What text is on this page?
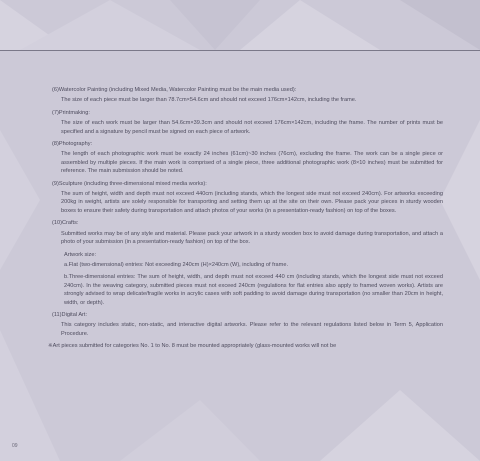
(6)Watercolor Painting (including Mixed Media, Watercolor Painting must be the main media used):

The size of each piece must be larger than 78.7cm×54.6cm and should not exceed 176cm×142cm, including the frame.

(7)Printmaking:

The size of each work must be larger than 54.6cm×39.3cm and should not exceed 176cm×142cm, including the frame. The number of prints must be specified and a signature by pencil must be signed on each piece of artwork.

(8)Photography:

The length of each photographic work must be exactly 24 inches (61cm)~30 inches (76cm), excluding the frame. The work can be a single piece or assembled by multiple pieces. If the main work is comprised of a single piece, three additional photographic work (8×10 inches) must be submitted for reference. The main submission should be noted.

(9)Sculpture (including three-dimensional mixed media works):

The sum of height, width and depth must not exceed 440cm (including stands, which the longest side must not exceed 240cm). For artworks exceeding 200kg in weight, artists are solely responsible for transporting and setting them up at the site on their own. Please pack your pieces in sturdy wooden boxes to ensure their safety during transportation and attach photos of your works (in a presentation-ready fashion) on top of the boxes.

(10)Crafts:

Submitted works may be of any style and material. Please pack your artwork in a sturdy wooden box to avoid damage during transportation, and attach a photo of your submission (in a presentation-ready fashion) on top of the box.

Artwork size:

a.Flat (two-dimensional) entries: Not exceeding 240cm (H)×240cm (W), including of frame.

b.Three-dimensional entries: The sum of height, width, and depth must not exceed 440 cm (including stands, which the longest side must not exceed 240cm). In the weaving category, submitted pieces must not exceed 240cm (regulations for flat entries also apply to framed woven works). Artists are strongly advised to wrap delicate/fragile works in acrylic cases with soft padding to avoid damage during transportation (no smaller than 20cm in height, width, or depth).

(11)Digital Art:

This category includes static, non-static, and interactive digital artworks. Please refer to the relevant regulations listed below in Term 5, Application Procedure.

※Art pieces submitted for categories No. 1 to No. 8 must be mounted appropriately (glass-mounted works will not be

09
